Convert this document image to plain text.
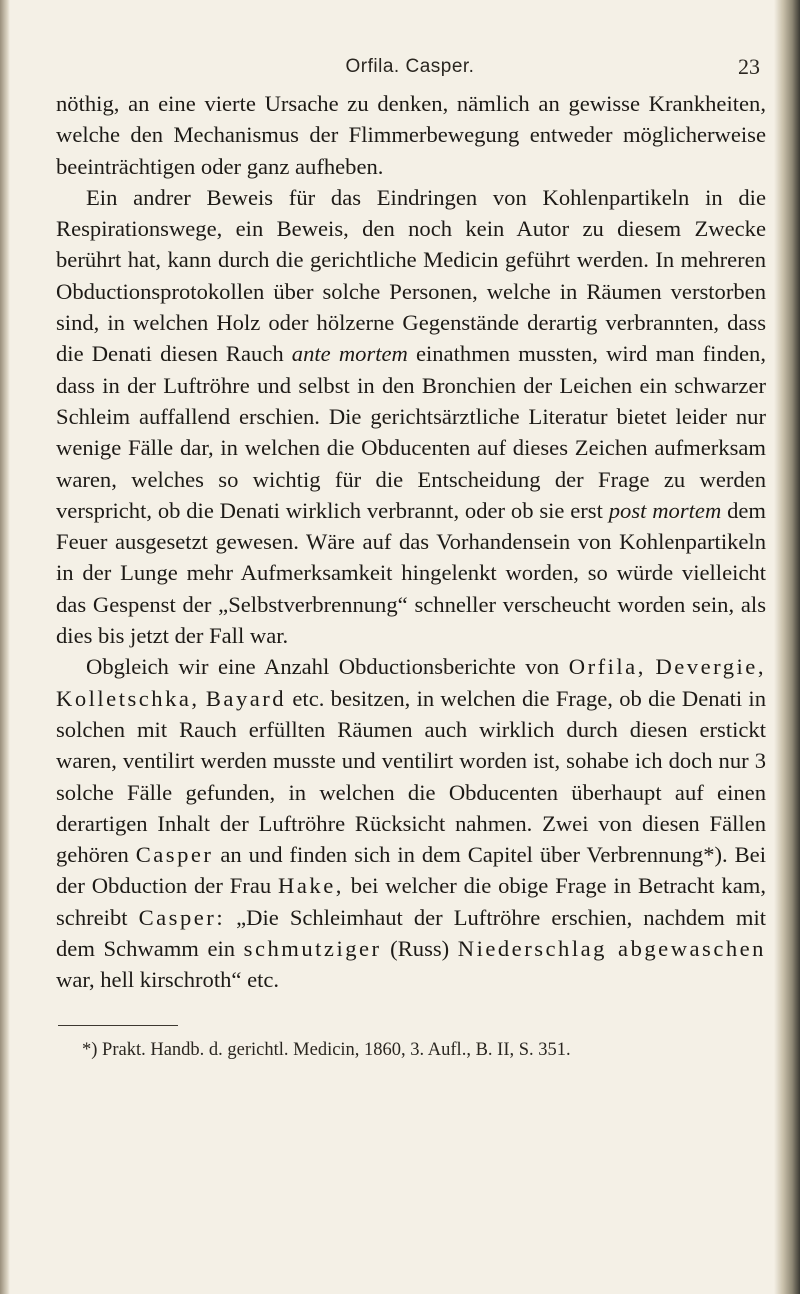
Orfila. Casper.	23

nöthig, an eine vierte Ursache zu denken, nämlich an gewisse Krankheiten, welche den Mechanismus der Flimmerbewegung entweder möglicherweise beeinträchtigen oder ganz aufheben.

Ein andrer Beweis für das Eindringen von Kohlenpartikeln in die Respirationswege, ein Beweis, den noch kein Autor zu diesem Zwecke berührt hat, kann durch die gerichtliche Medicin geführt werden. In mehreren Obductionsprotokollen über solche Personen, welche in Räumen verstorben sind, in welchen Holz oder hölzerne Gegenstände derartig verbrannten, dass die Denati diesen Rauch ante mortem einathmen mussten, wird man finden, dass in der Luftröhre und selbst in den Bronchien der Leichen ein schwarzer Schleim auffallend erschien. Die gerichtsärztliche Literatur bietet leider nur wenige Fälle dar, in welchen die Obducenten auf dieses Zeichen aufmerksam waren, welches so wichtig für die Entscheidung der Frage zu werden verspricht, ob die Denati wirklich verbrannt, oder ob sie erst post mortem dem Feuer ausgesetzt gewesen. Wäre auf das Vorhandensein von Kohlenpartikeln in der Lunge mehr Aufmerksamkeit hingelenkt worden, so würde vielleicht das Gespenst der „Selbstverbrennung“ schneller verscheucht worden sein, als dies bis jetzt der Fall war.

Obgleich wir eine Anzahl Obductionsberichte von Orfila, Devergie, Kolletschka, Bayard etc. besitzen, in welchen die Frage, ob die Denati in solchen mit Rauch erfüllten Räumen auch wirklich durch diesen erstickt waren, ventilirt werden musste und ventilirt worden ist, sohabe ich doch nur 3 solche Fälle gefunden, in welchen die Obducenten überhaupt auf einen derartigen Inhalt der Luftröhre Rücksicht nahmen. Zwei von diesen Fällen gehören Casper an und finden sich in dem Capitel über Verbrennung*). Bei der Obduction der Frau Hake, bei welcher die obige Frage in Betracht kam, schreibt Casper: „Die Schleimhaut der Luftröhre erschien, nachdem mit dem Schwamm ein schmutziger (Russ) Niederschlag abgewaschen war, hell kirschroth“ etc.

*) Prakt. Handb. d. gerichtl. Medicin, 1860, 3. Aufl., B. II, S. 351.
